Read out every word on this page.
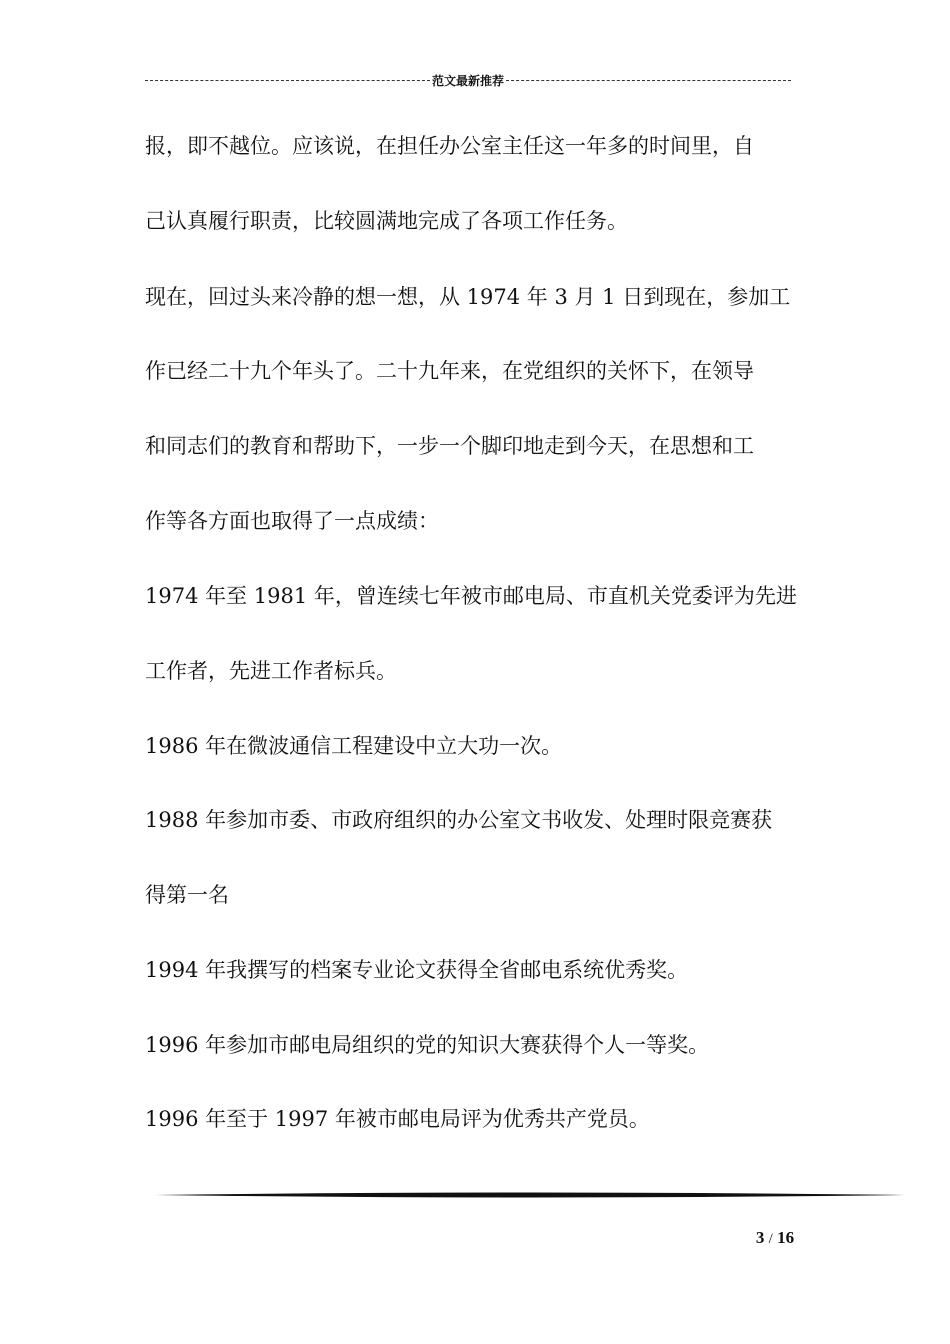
范文最新推荐
报，即不越位。应该说，在担任办公室主任这一年多的时间里，自
己认真履行职责，比较圆满地完成了各项工作任务。
现在，回过头来冷静的想一想，从 1974 年 3 月 1 日到现在，参加工
作已经二十九个年头了。二十九年来，在党组织的关怀下，在领导
和同志们的教育和帮助下，一步一个脚印地走到今天，在思想和工
作等各方面也取得了一点成绩：
1974 年至 1981 年，曾连续七年被市邮电局、市直机关党委评为先进
工作者，先进工作者标兵。
1986 年在微波通信工程建设中立大功一次。
1988 年参加市委、市政府组织的办公室文书收发、处理时限竞赛获
得第一名
1994 年我撰写的档案专业论文获得全省邮电系统优秀奖。
1996 年参加市邮电局组织的党的知识大赛获得个人一等奖。
1996 年至于 1997 年被市邮电局评为优秀共产党员。
3 / 16
